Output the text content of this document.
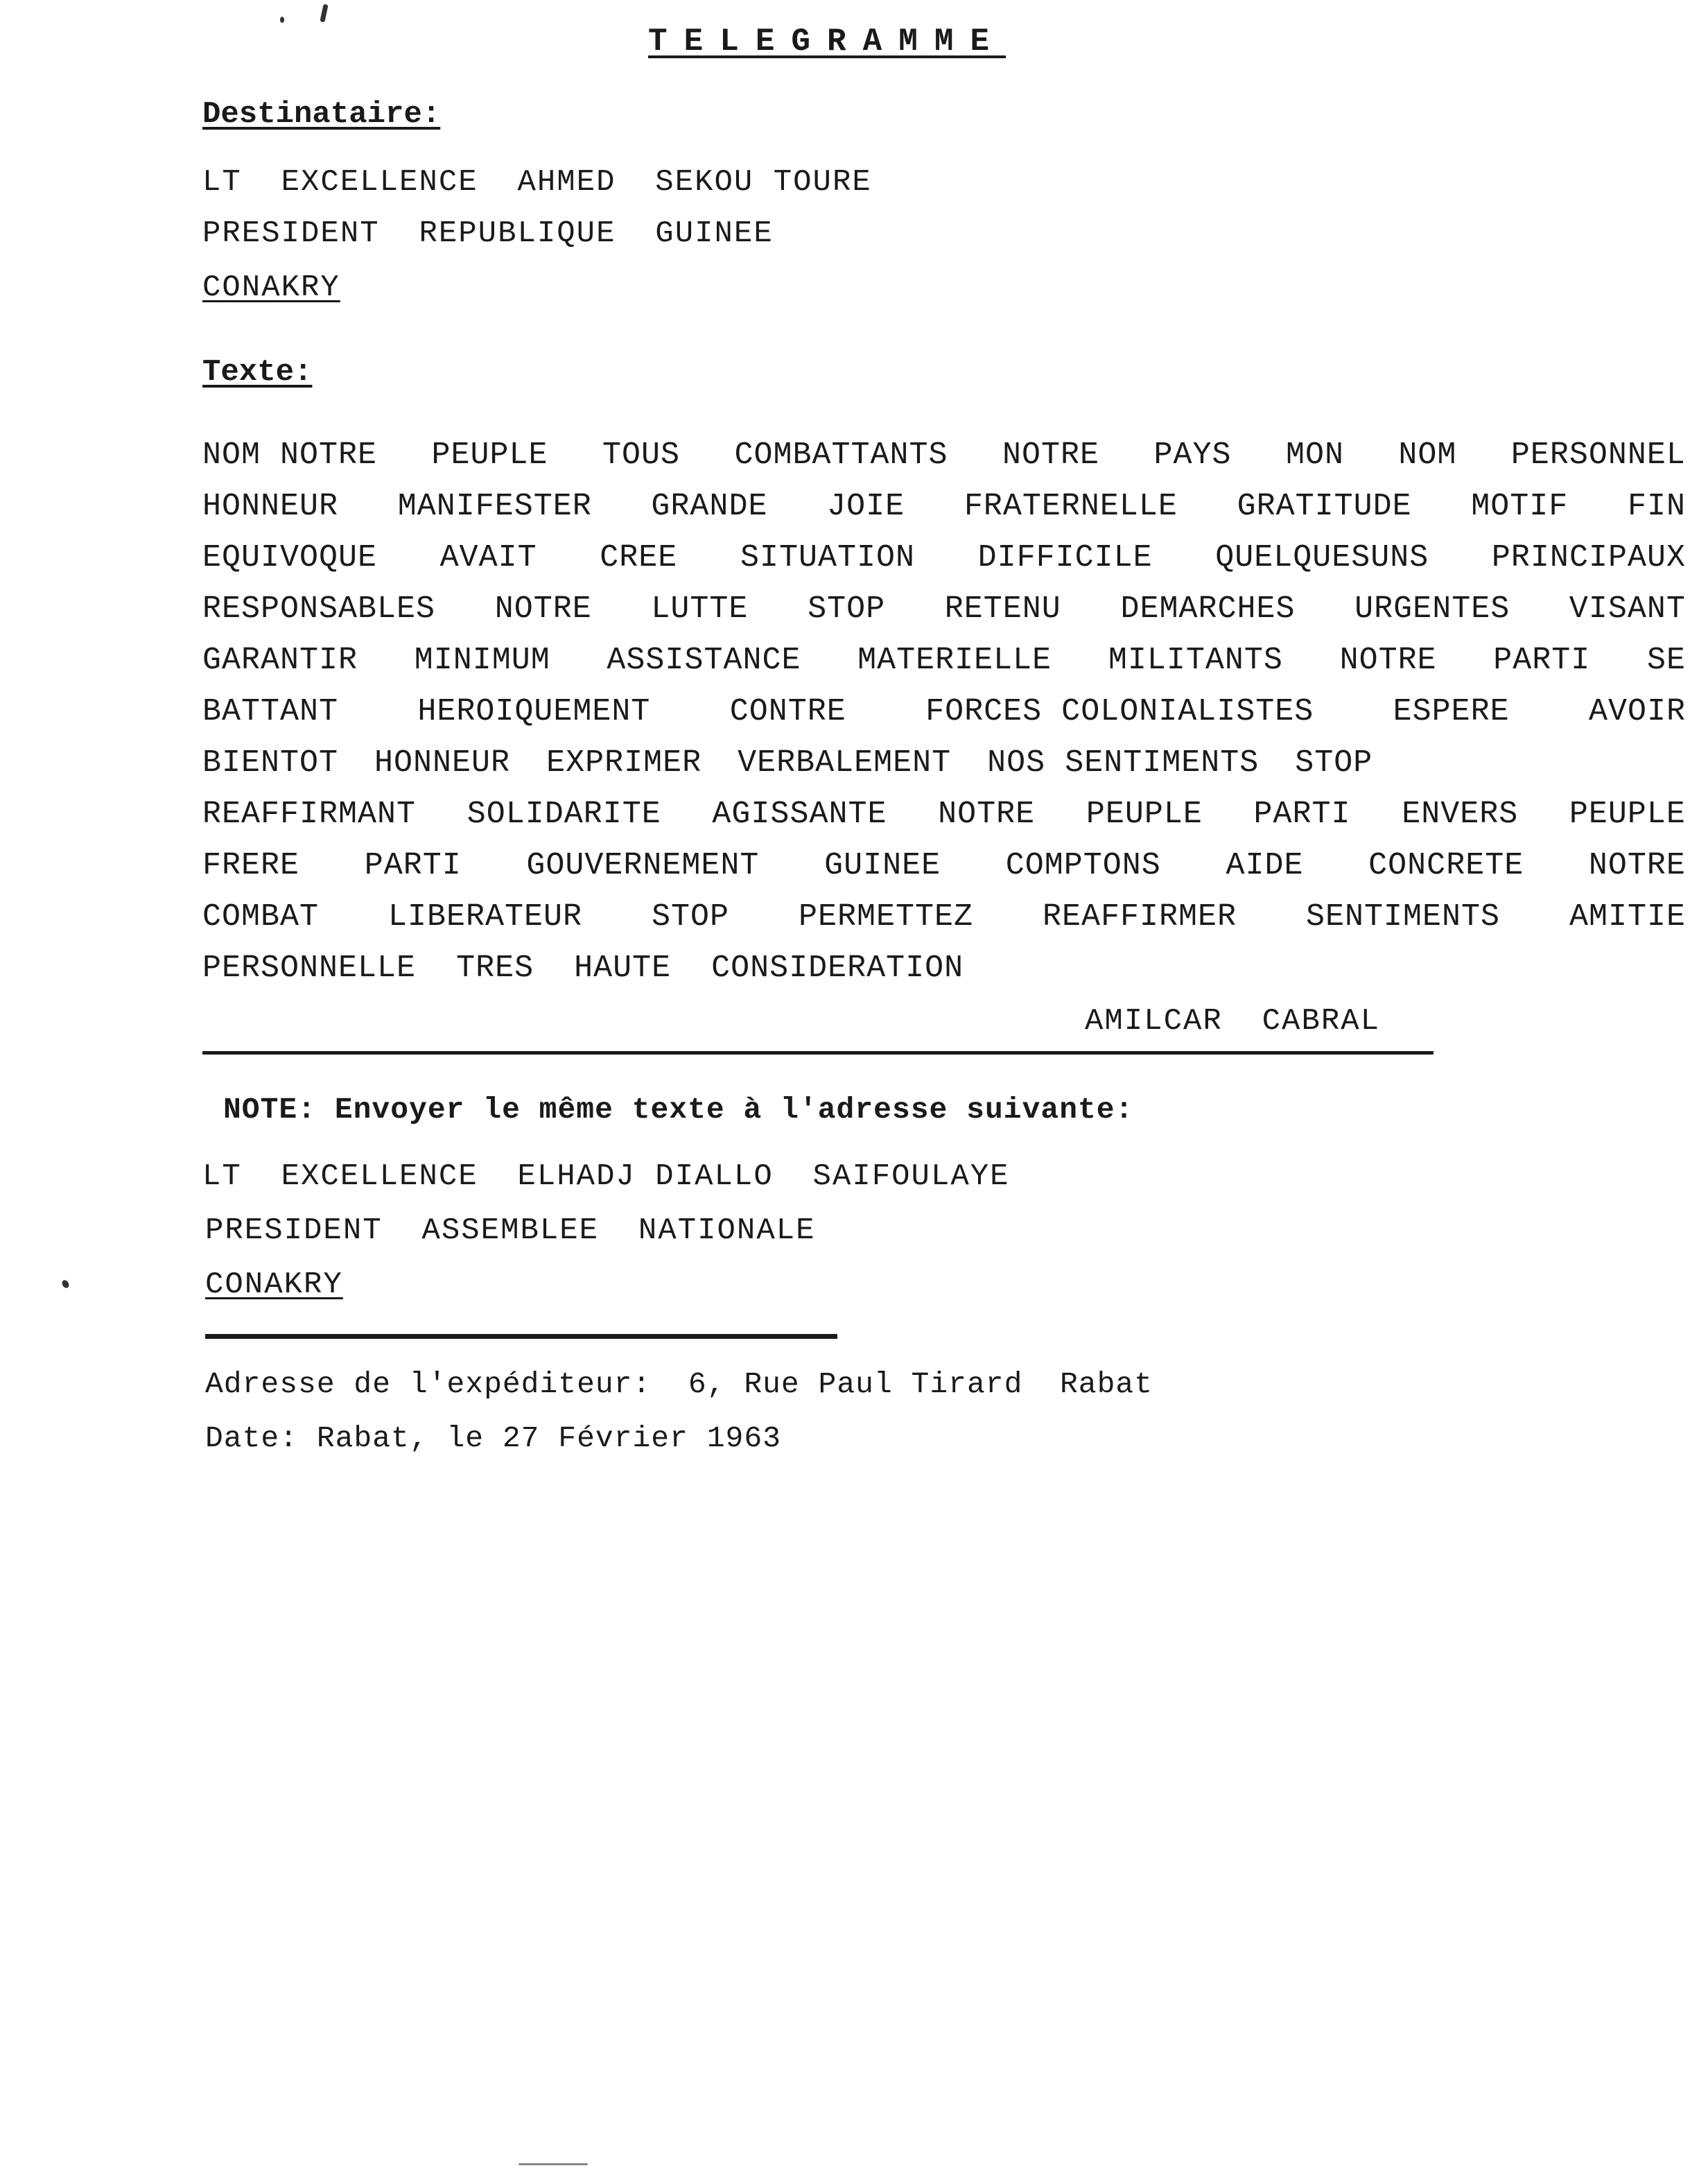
TELEGRAMME
Destinataire:
LT  EXCELLENCE  AHMED  SEKOU TOURE
PRESIDENT  REPUBLIQUE  GUINEE
CONAKRY
Texte:
NOM NOTRE PEUPLE TOUS COMBATTANTS NOTRE PAYS MON NOM PERSONNEL
HONNEUR MANIFESTER GRANDE JOIE FRATERNELLE GRATITUDE MOTIF FIN
EQUIVOQUE AVAIT CREE SITUATION DIFFICILE QUELQUESUNS PRINCIPAUX
RESPONSABLES NOTRE LUTTE STOP RETENU DEMARCHES URGENTES VISANT
GARANTIR MINIMUM ASSISTANCE MATERIELLE MILITANTS NOTRE PARTI SE
BATTANT	HEROIQUEMENT	CONTRE	FORCES COLONIALISTES	ESPERE	AVOIR
BIENTOT HONNEUR EXPRIMER VERBALEMENT NOS SENTIMENTS STOP
REAFFIRMANT SOLIDARITE AGISSANTE NOTRE PEUPLE PARTI ENVERS PEUPLE
FRERE PARTI GOUVERNEMENT GUINEE COMPTONS AIDE CONCRETE NOTRE
COMBAT LIBERATEUR STOP PERMETTEZ REAFFIRMER SENTIMENTS AMITIE
PERSONNELLE TRES HAUTE CONSIDERATION
AMILCAR  CABRAL
NOTE: Envoyer le même texte à l'adresse suivante:
LT  EXCELLENCE  ELHADJ DIALLO  SAIFOULAYE
PRESIDENT  ASSEMBLEE  NATIONALE
CONAKRY
Adresse de l'expéditeur:  6, Rue Paul Tirard  Rabat
Date: Rabat, le 27 Février 1963
